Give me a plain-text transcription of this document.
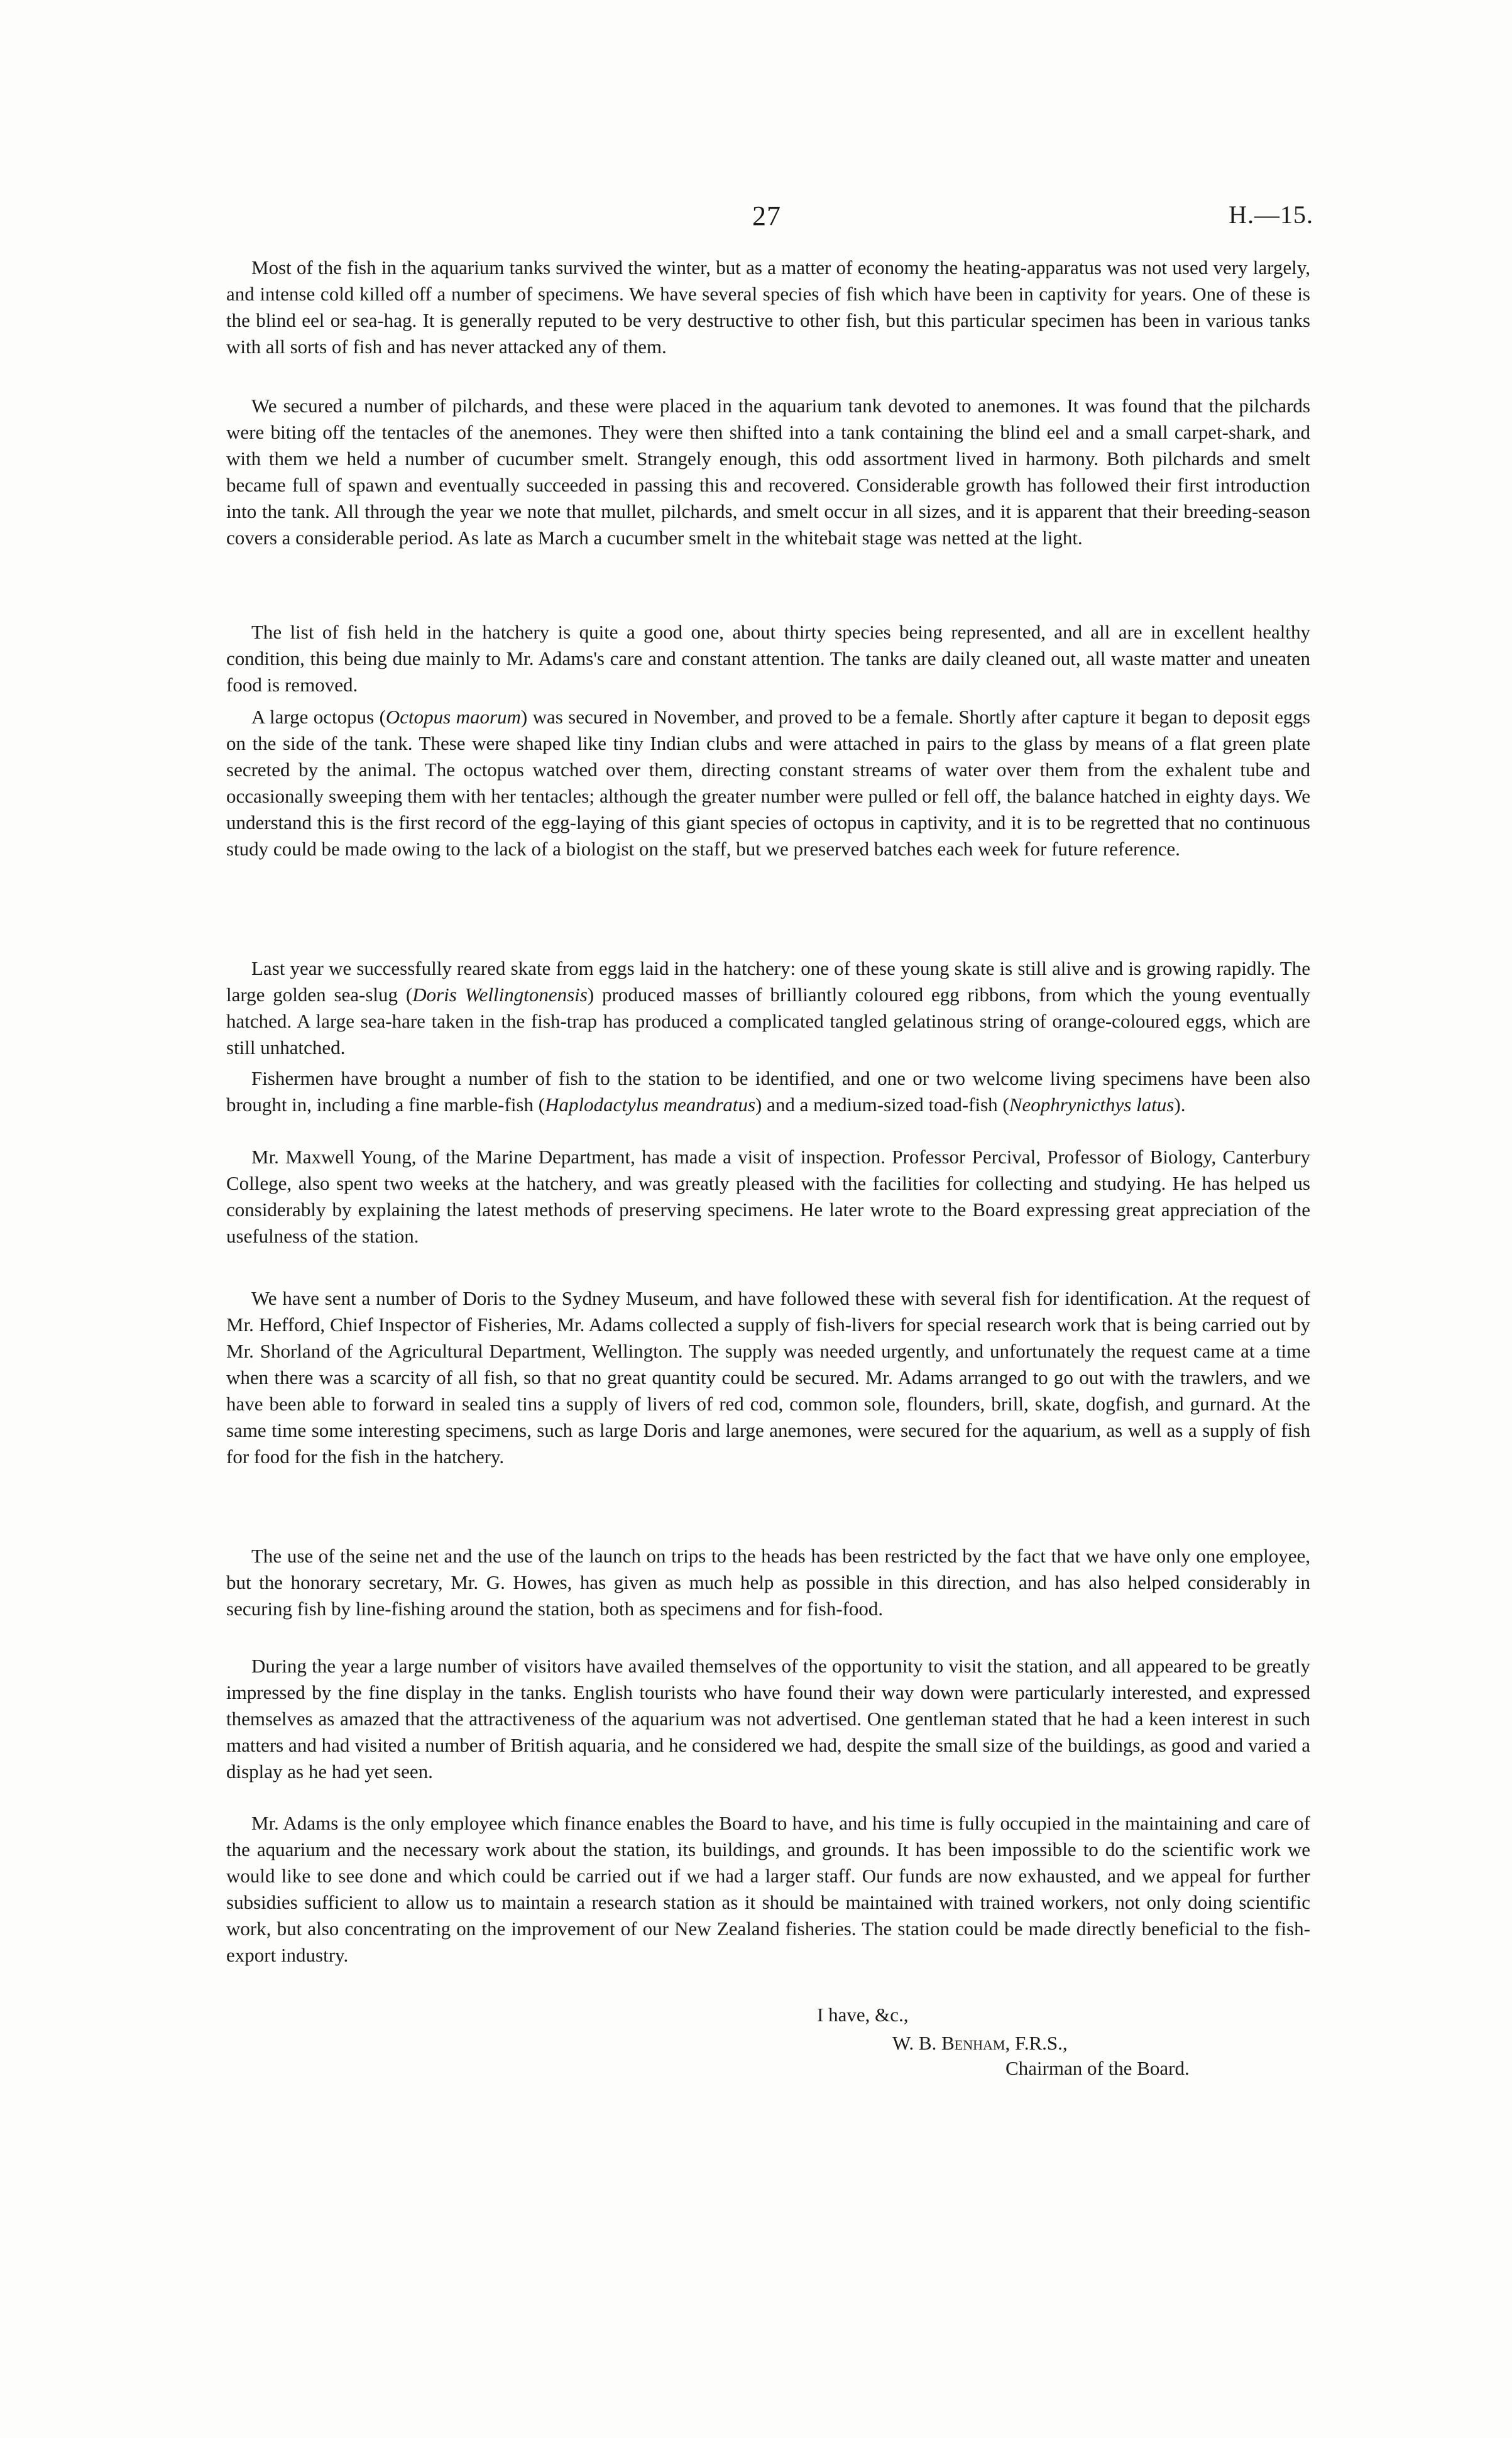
27	H.—15.

Most of the fish in the aquarium tanks survived the winter, but as a matter of economy the heating-apparatus was not used very largely, and intense cold killed off a number of specimens. We have several species of fish which have been in captivity for years. One of these is the blind eel or sea-hag. It is generally reputed to be very destructive to other fish, but this particular specimen has been in various tanks with all sorts of fish and has never attacked any of them.

We secured a number of pilchards, and these were placed in the aquarium tank devoted to anemones. It was found that the pilchards were biting off the tentacles of the anemones. They were then shifted into a tank containing the blind eel and a small carpet-shark, and with them we held a number of cucumber smelt. Strangely enough, this odd assortment lived in harmony. Both pilchards and smelt became full of spawn and eventually succeeded in passing this and recovered. Considerable growth has followed their first introduction into the tank. All through the year we note that mullet, pilchards, and smelt occur in all sizes, and it is apparent that their breeding-season covers a considerable period. As late as March a cucumber smelt in the whitebait stage was netted at the light.

The list of fish held in the hatchery is quite a good one, about thirty species being represented, and all are in excellent healthy condition, this being due mainly to Mr. Adams's care and constant attention. The tanks are daily cleaned out, all waste matter and uneaten food is removed.

A large octopus (Octopus maorum) was secured in November, and proved to be a female. Shortly after capture it began to deposit eggs on the side of the tank. These were shaped like tiny Indian clubs and were attached in pairs to the glass by means of a flat green plate secreted by the animal. The octopus watched over them, directing constant streams of water over them from the exhalent tube and occasionally sweeping them with her tentacles; although the greater number were pulled or fell off, the balance hatched in eighty days. We understand this is the first record of the egg-laying of this giant species of octopus in captivity, and it is to be regretted that no continuous study could be made owing to the lack of a biologist on the staff, but we preserved batches each week for future reference.

Last year we successfully reared skate from eggs laid in the hatchery: one of these young skate is still alive and is growing rapidly. The large golden sea-slug (Doris Wellingtonensis) produced masses of brilliantly coloured egg ribbons, from which the young eventually hatched. A large sea-hare taken in the fish-trap has produced a complicated tangled gelatinous string of orange-coloured eggs, which are still unhatched.

Fishermen have brought a number of fish to the station to be identified, and one or two welcome living specimens have been also brought in, including a fine marble-fish (Haplodactylus meandratus) and a medium-sized toad-fish (Neophrynicthys latus).

Mr. Maxwell Young, of the Marine Department, has made a visit of inspection. Professor Percival, Professor of Biology, Canterbury College, also spent two weeks at the hatchery, and was greatly pleased with the facilities for collecting and studying. He has helped us considerably by explaining the latest methods of preserving specimens. He later wrote to the Board expressing great appreciation of the usefulness of the station.

We have sent a number of Doris to the Sydney Museum, and have followed these with several fish for identification. At the request of Mr. Hefford, Chief Inspector of Fisheries, Mr. Adams collected a supply of fish-livers for special research work that is being carried out by Mr. Shorland of the Agricultural Department, Wellington. The supply was needed urgently, and unfortunately the request came at a time when there was a scarcity of all fish, so that no great quantity could be secured. Mr. Adams arranged to go out with the trawlers, and we have been able to forward in sealed tins a supply of livers of red cod, common sole, flounders, brill, skate, dogfish, and gurnard. At the same time some interesting specimens, such as large Doris and large anemones, were secured for the aquarium, as well as a supply of fish for food for the fish in the hatchery.

The use of the seine net and the use of the launch on trips to the heads has been restricted by the fact that we have only one employee, but the honorary secretary, Mr. G. Howes, has given as much help as possible in this direction, and has also helped considerably in securing fish by line-fishing around the station, both as specimens and for fish-food.

During the year a large number of visitors have availed themselves of the opportunity to visit the station, and all appeared to be greatly impressed by the fine display in the tanks. English tourists who have found their way down were particularly interested, and expressed themselves as amazed that the attractiveness of the aquarium was not advertised. One gentleman stated that he had a keen interest in such matters and had visited a number of British aquaria, and he considered we had, despite the small size of the buildings, as good and varied a display as he had yet seen.

Mr. Adams is the only employee which finance enables the Board to have, and his time is fully occupied in the maintaining and care of the aquarium and the necessary work about the station, its buildings, and grounds. It has been impossible to do the scientific work we would like to see done and which could be carried out if we had a larger staff. Our funds are now exhausted, and we appeal for further subsidies sufficient to allow us to maintain a research station as it should be maintained with trained workers, not only doing scientific work, but also concentrating on the improvement of our New Zealand fisheries. The station could be made directly beneficial to the fish-export industry.

I have, &c.,

W. B. Benham, F.R.S.,

Chairman of the Board.
